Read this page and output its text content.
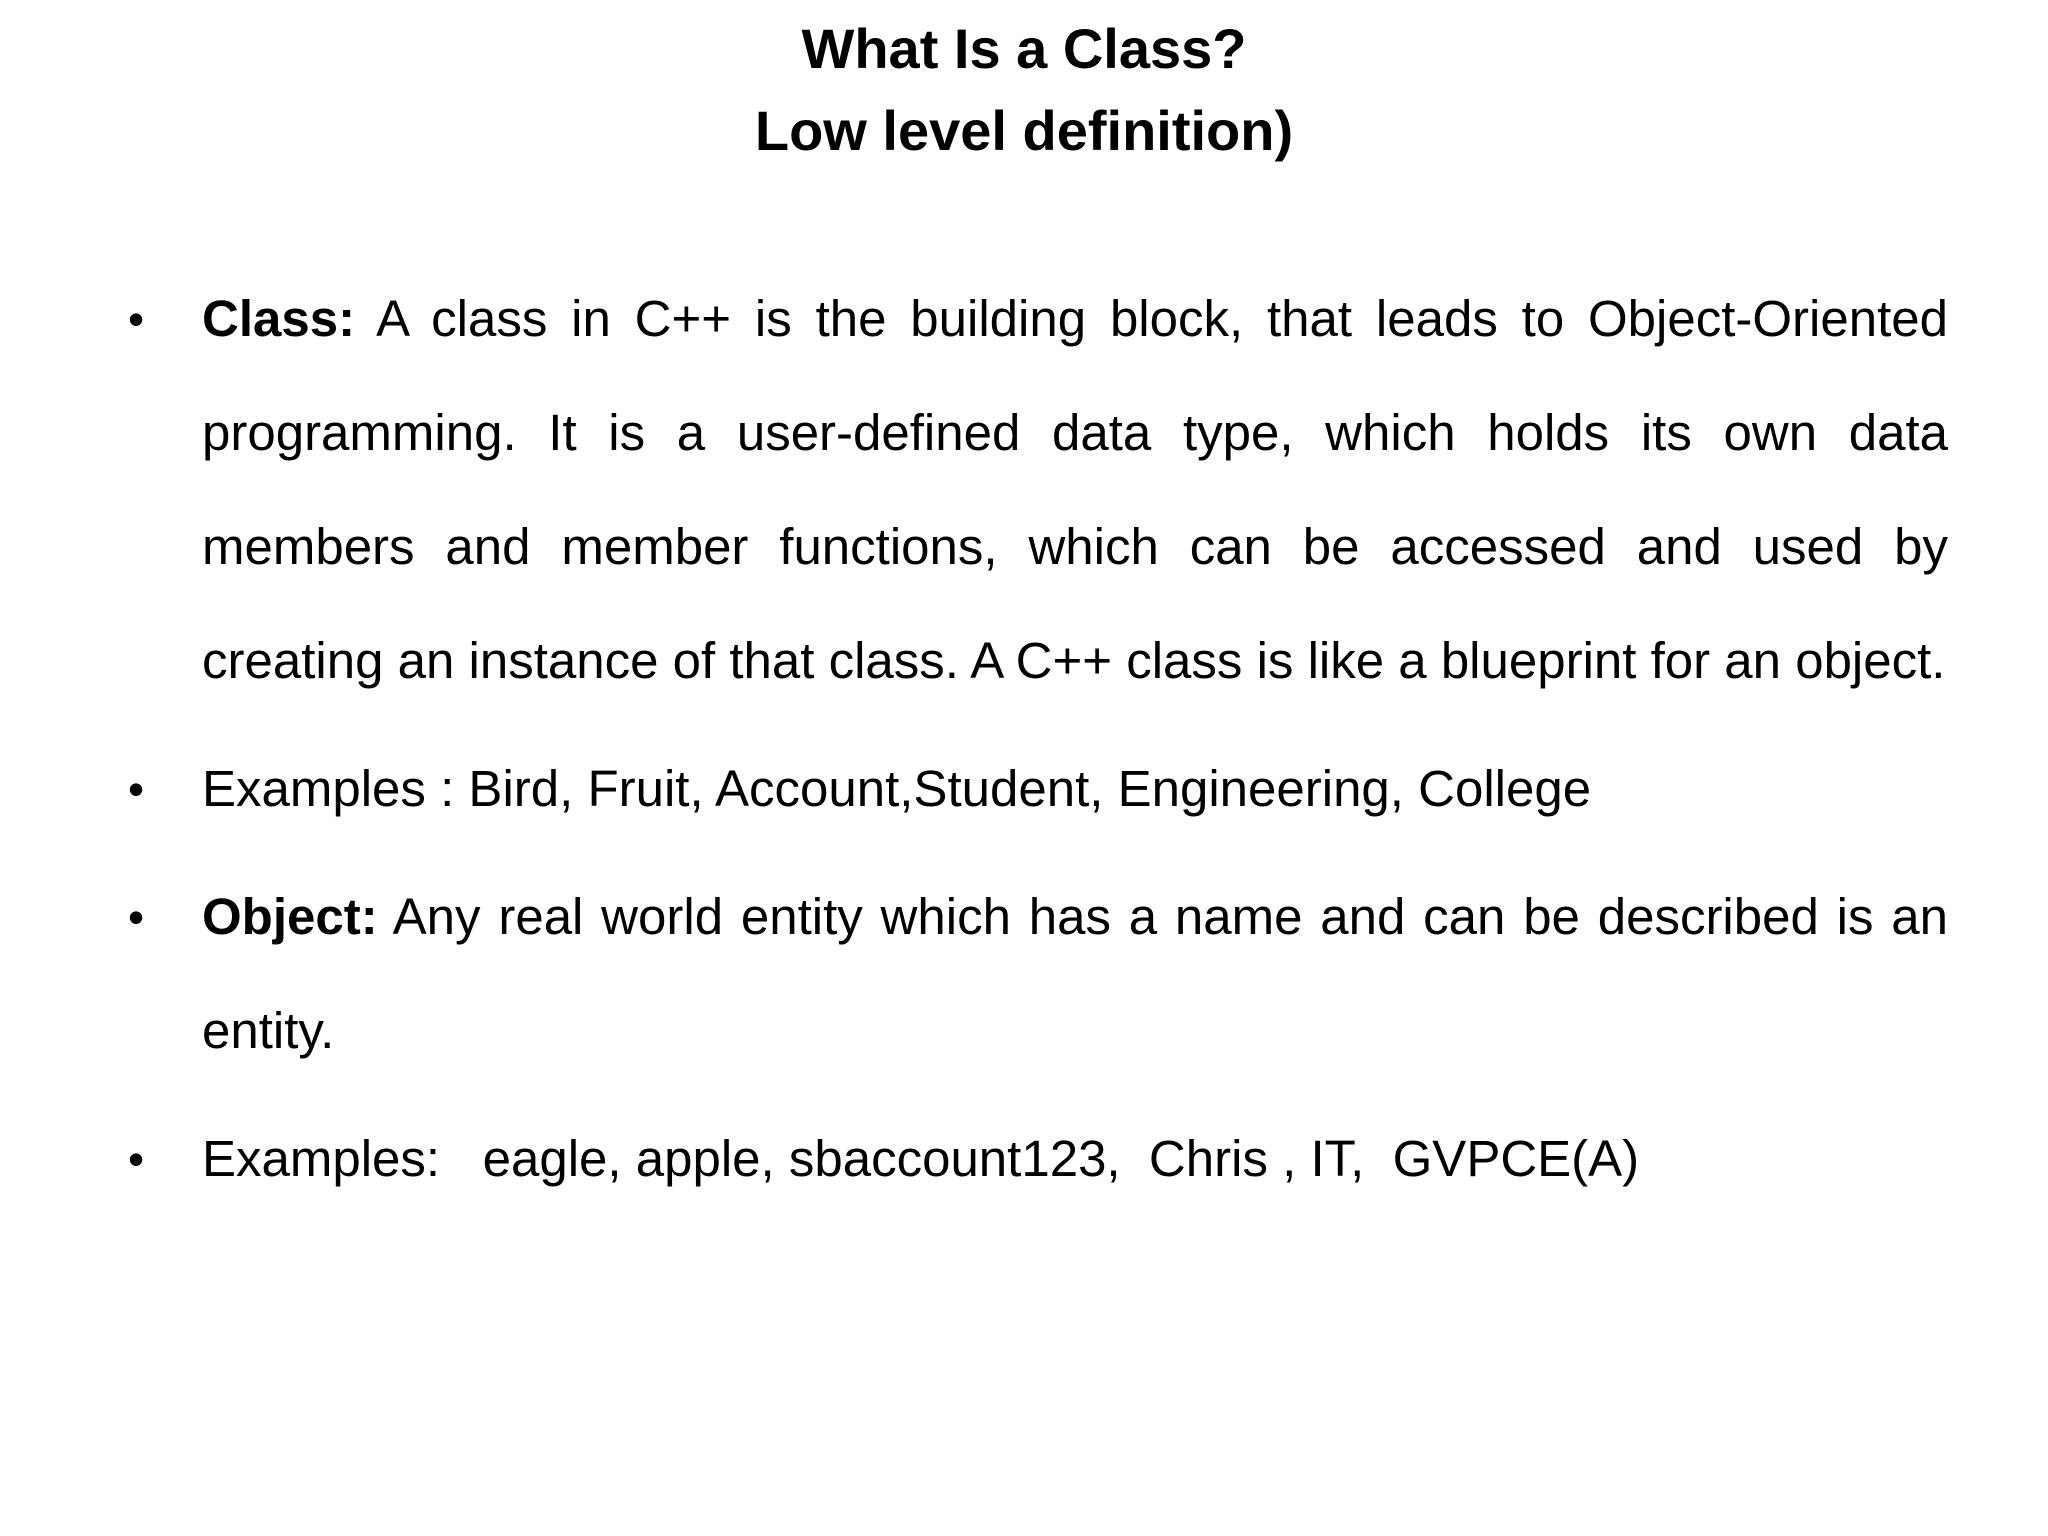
What Is a Class?
Low level definition)
• Class: A class in C++ is the building block, that leads to Object-Oriented programming. It is a user-defined data type, which holds its own data members and member functions, which can be accessed and used by creating an instance of that class. A C++ class is like a blueprint for an object.
• Examples : Bird, Fruit, Account,Student, Engineering, College
• Object: Any real world entity which has a name and can be described is an entity.
• Examples:   eagle, apple, sbaccount123,  Chris , IT,  GVPCE(A)
